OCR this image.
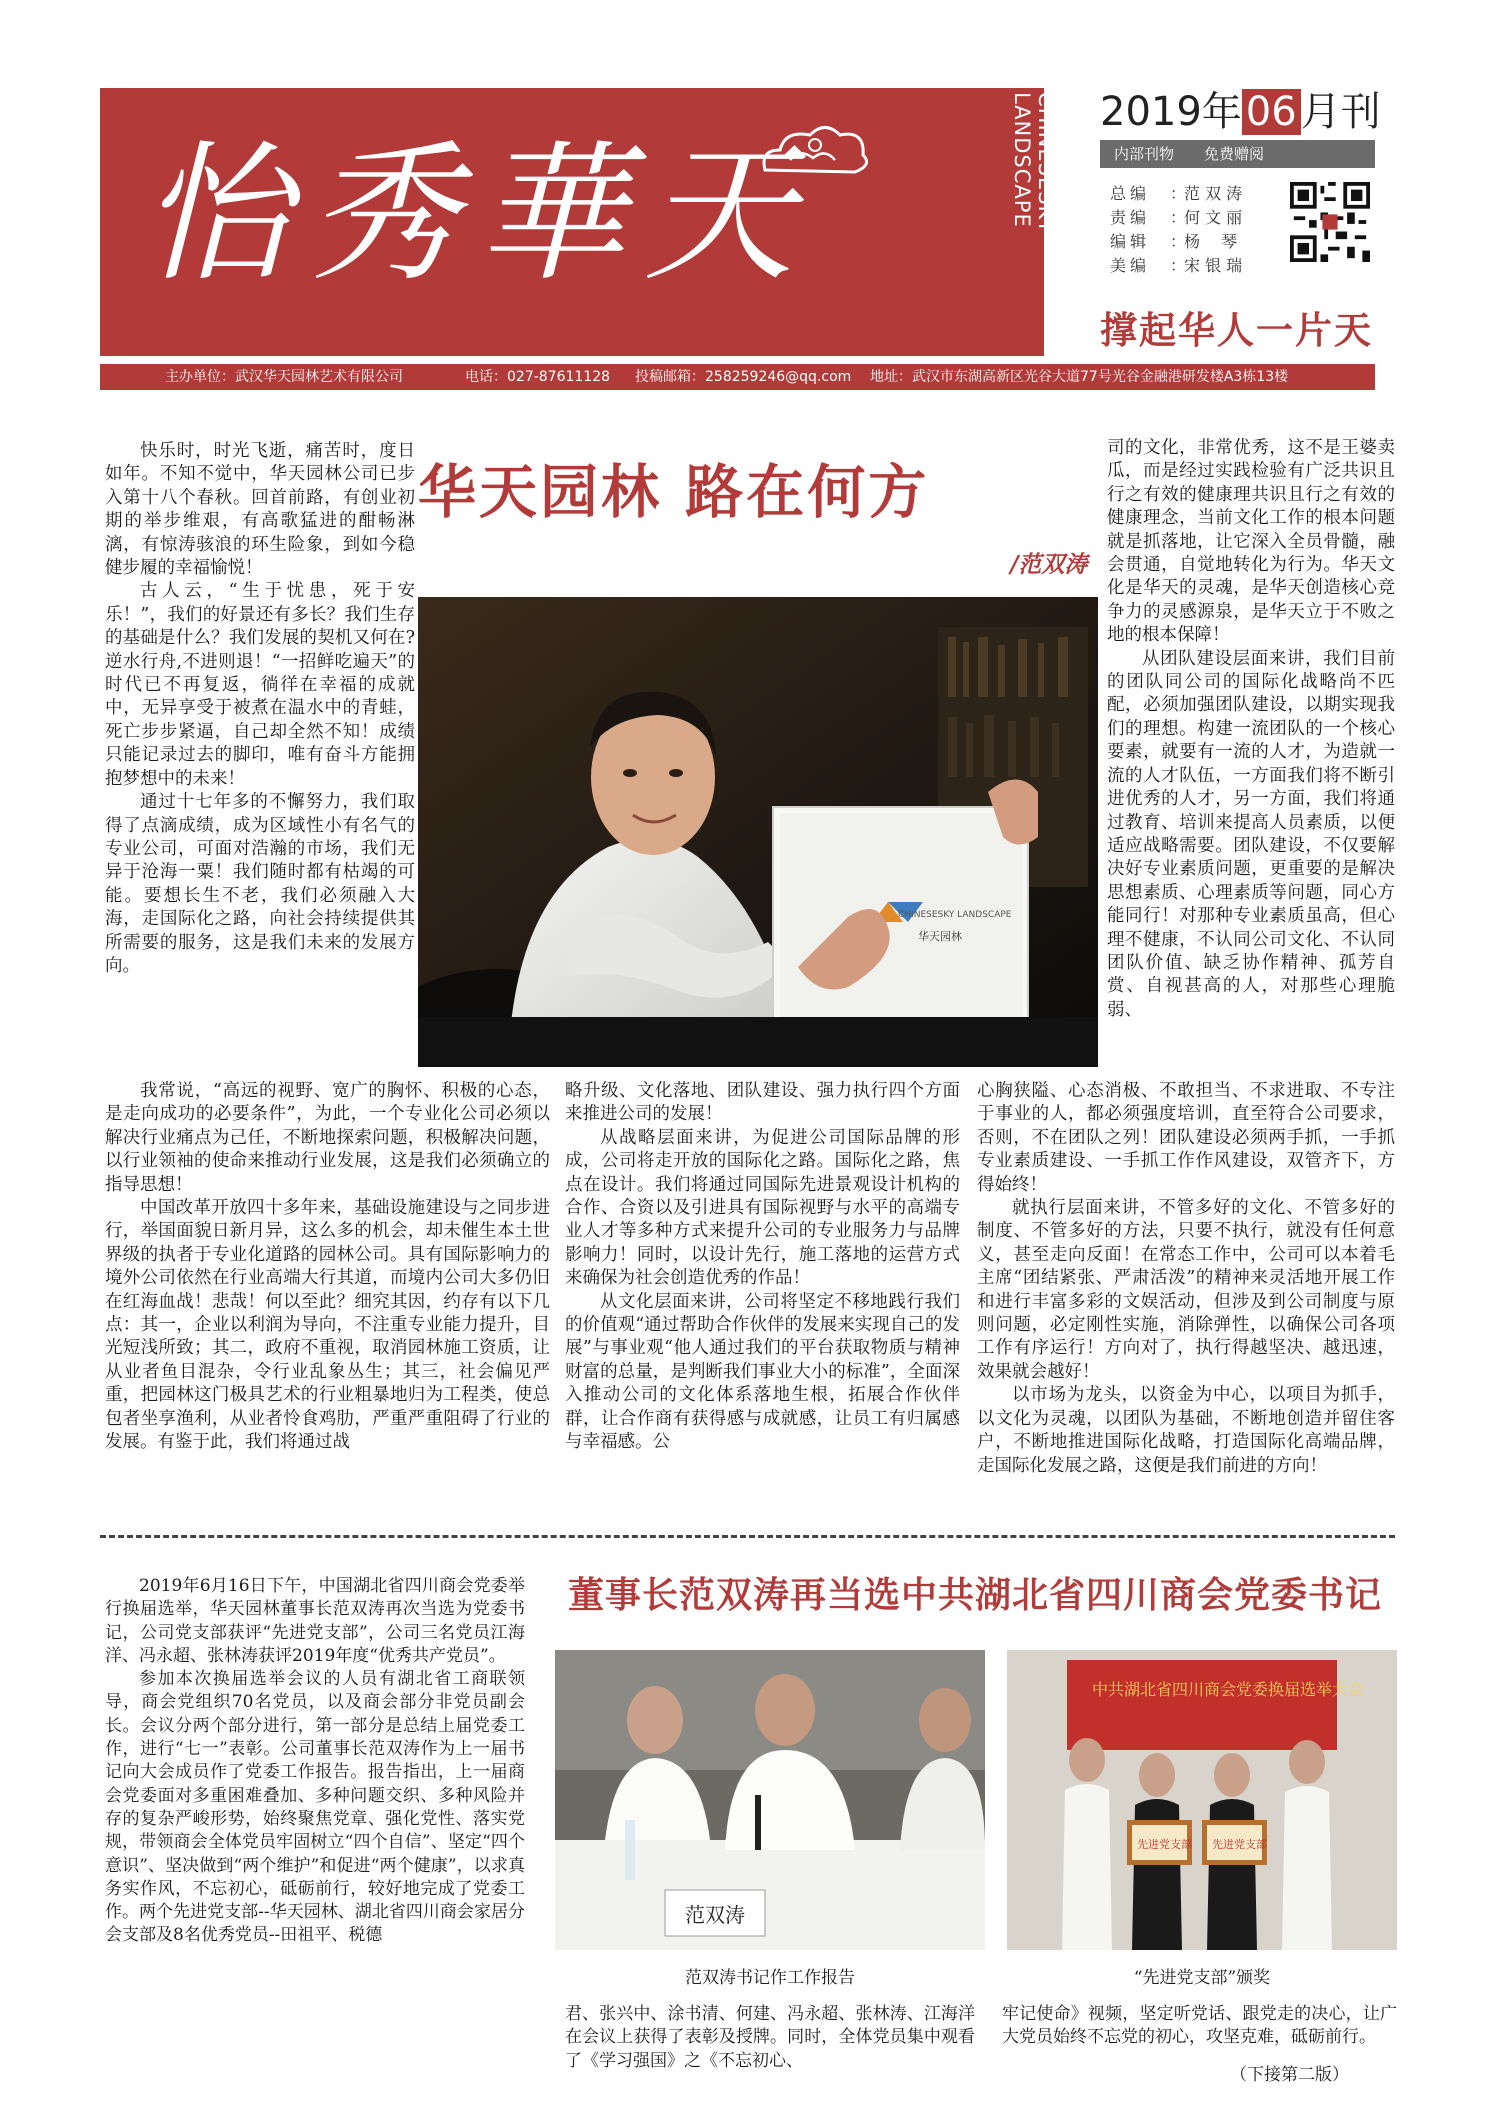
怡秀華天	CHINESESKY LANDSCAPE	2019年 06 月刊
内部刊物 免费赠阅
总编	：
范 双 涛
责编	：
何 文 丽
编辑	：
杨　 琴
美编	：
宋 银 瑞
撑起华人一片天
主办单位：武汉华天园林艺术有限公司	电话：027-87611128 投稿邮箱：258259246@qq.com 地址：武汉市东湖高新区光谷大道77号光谷金融港研发楼A3栋13楼

快乐时，时光飞逝，痛苦时，度日如年。不知不觉中，华天园林公司已步入第十八个春秋。回首前路，有创业初期的举步维艰，有高歌猛进的酣畅淋漓，有惊涛骇浪的环生险象，到如今稳健步履的幸福愉悦！

古人云，“生于忧患，死于安乐！”，我们的好景还有多长？我们生存的基础是什么？我们发展的契机又何在?逆水行舟,不进则退！“一招鲜吃遍天”的时代已不再复返，徜徉在幸福的成就中，无异享受于被煮在温水中的青蛙，死亡步步紧逼，自己却全然不知！成绩只能记录过去的脚印，唯有奋斗方能拥抱梦想中的未来！

通过十七年多的不懈努力，我们取得了点滴成绩，成为区域性小有名气的专业公司，可面对浩瀚的市场，我们无异于沧海一粟！我们随时都有枯竭的可能。要想长生不老，我们必须融入大海，走国际化之路，向社会持续提供其所需要的服务，这是我们未来的发展方向。

华天园林 路在何方
/范双涛
CHINESESKY LANDSCAPE
华天园林

我常说，“高远的视野、宽广的胸怀、积极的心态，是走向成功的必要条件”，为此，一个专业化公司必须以解决行业痛点为己任，不断地探索问题，积极解决问题，以行业领袖的使命来推动行业发展，这是我们必须确立的指导思想！

中国改革开放四十多年来，基础设施建设与之同步进行，举国面貌日新月异，这么多的机会，却未催生本土世界级的执者于专业化道路的园林公司。具有国际影响力的境外公司依然在行业高端大行其道，而境内公司大多仍旧在红海血战！悲哉！何以至此？细究其因，约存有以下几点：其一，企业以利润为导向，不注重专业能力提升，目光短浅所致；其二，政府不重视，取消园林施工资质，让从业者鱼目混杂，令行业乱象丛生；其三，社会偏见严重，把园林这门极具艺术的行业粗暴地归为工程类，使总包者坐享渔利，从业者怜食鸡肋，严重严重阻碍了行业的发展。有鉴于此，我们将通过战

略升级、文化落地、团队建设、强力执行四个方面来推进公司的发展！

从战略层面来讲，为促进公司国际品牌的形成，公司将走开放的国际化之路。国际化之路，焦点在设计。我们将通过同国际先进景观设计机构的合作、合资以及引进具有国际视野与水平的高端专业人才等多种方式来提升公司的专业服务力与品牌影响力！同时，以设计先行，施工落地的运营方式来确保为社会创造优秀的作品！

从文化层面来讲，公司将坚定不移地践行我们的价值观“通过帮助合作伙伴的发展来实现自己的发展”与事业观“他人通过我们的平台获取物质与精神财富的总量，是判断我们事业大小的标准”，全面深入推动公司的文化体系落地生根，拓展合作伙伴群，让合作商有获得感与成就感，让员工有归属感与幸福感。公

司的文化，非常优秀，这不是王婆卖瓜，而是经过实践检验有广泛共识且行之有效的健康理共识且行之有效的健康理念，当前文化工作的根本问题就是抓落地，让它深入全员骨髓，融会贯通，自觉地转化为行为。华天文化是华天的灵魂，是华天创造核心竞争力的灵感源泉，是华天立于不败之地的根本保障！

从团队建设层面来讲，我们目前的团队同公司的国际化战略尚不匹配，必须加强团队建设，以期实现我们的理想。构建一流团队的一个核心要素，就要有一流的人才，为造就一流的人才队伍，一方面我们将不断引进优秀的人才，另一方面，我们将通过教育、培训来提高人员素质，以便适应战略需要。团队建设，不仅要解决好专业素质问题，更重要的是解决思想素质、心理素质等问题，同心方能同行！对那种专业素质虽高，但心理不健康，不认同公司文化、不认同团队价值、缺乏协作精神、孤芳自赏、自视甚高的人，对那些心理脆弱、

心胸狭隘、心态消极、不敢担当、不求进取、不专注于事业的人，都必须强度培训，直至符合公司要求，否则，不在团队之列！团队建设必须两手抓，一手抓专业素质建设、一手抓工作作风建设，双管齐下，方得始终！

就执行层面来讲，不管多好的文化、不管多好的制度、不管多好的方法，只要不执行，就没有任何意义，甚至走向反面！在常态工作中，公司可以本着毛主席“团结紧张、严肃活泼”的精神来灵活地开展工作和进行丰富多彩的文娱活动，但涉及到公司制度与原则问题，必定刚性实施，消除弹性，以确保公司各项工作有序运行！方向对了，执行得越坚决、越迅速，效果就会越好！

以市场为龙头，以资金为中心，以项目为抓手，以文化为灵魂，以团队为基础，不断地创造并留住客户，不断地推进国际化战略，打造国际化高端品牌，走国际化发展之路，这便是我们前进的方向！

2019年6月16日下午，中国湖北省四川商会党委举行换届选举，华天园林董事长范双涛再次当选为党委书记，公司党支部获评“先进党支部”，公司三名党员江海洋、冯永超、张林涛获评2019年度“优秀共产党员”。

参加本次换届选举会议的人员有湖北省工商联领导，商会党组织70名党员，以及商会部分非党员副会长。会议分两个部分进行，第一部分是总结上届党委工作，进行“七一”表彰。公司董事长范双涛作为上一届书记向大会成员作了党委工作报告。报告指出，上一届商会党委面对多重困难叠加、多种问题交织、多种风险并存的复杂严峻形势，始终聚焦党章、强化党性、落实党规，带领商会全体党员牢固树立“四个自信”、坚定“四个意识”、坚决做到“两个维护”和促进“两个健康”，以求真务实作风，不忘初心，砥砺前行，较好地完成了党委工作。两个先进党支部--华天园林、湖北省四川商会家居分会支部及8名优秀党员--田祖平、税德

董事长范双涛再当选中共湖北省四川商会党委书记
范双涛
中共湖北省四川商会党委换届选举大会
先进党支部 先进党支部
范双涛书记作工作报告	“先进党支部”颁奖

君、张兴中、涂书清、何建、冯永超、张林涛、江海洋在会议上获得了表彰及授牌。同时，全体党员集中观看了《学习强国》之《不忘初心、

牢记使命》视频，坚定听党话、跟党走的决心，让广大党员始终不忘党的初心，攻坚克难，砥砺前行。

（下接第二版）
